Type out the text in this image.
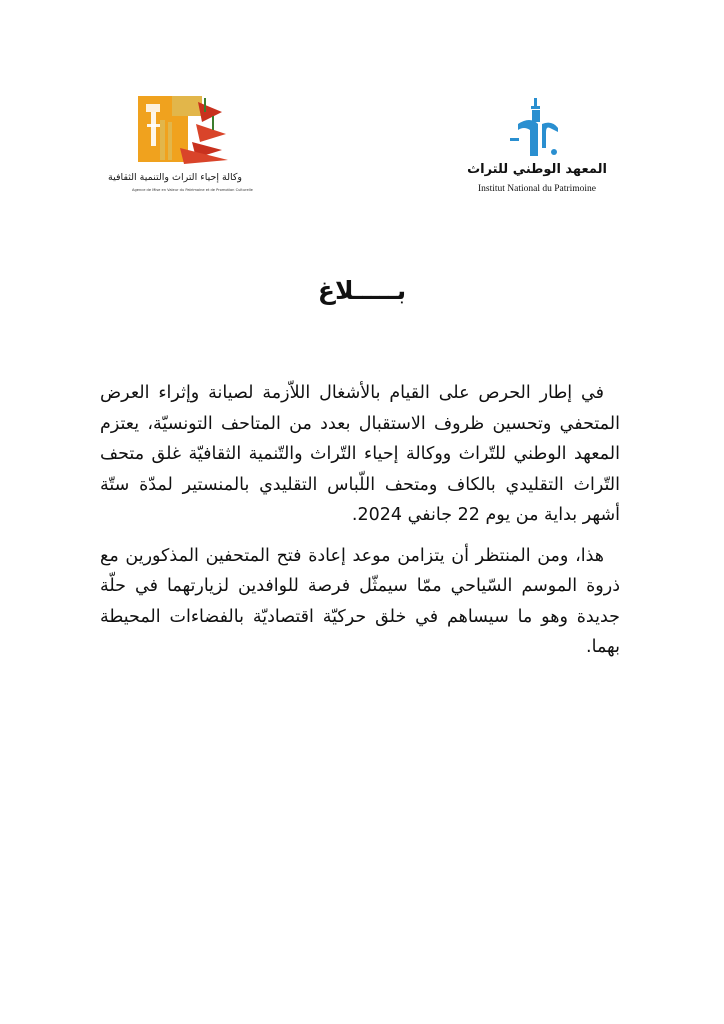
وكالة إحياء التراث والتنمية الثقافية
Agence de Mise en Valeur du Patrimoine et de Promotion Culturelle
المعهد الوطني للتراث
Institut National du Patrimoine
بـــــلاغ

في إطار الحرص على القيام بالأشغال اللاّزمة لصيانة وإثراء العرض المتحفي وتحسين ظروف الاستقبال بعدد من المتاحف التونسيّة، يعتزم المعهد الوطني للتّراث ووكالة إحياء التّراث والتّنمية الثقافيّة غلق متحف التّراث التقليدي بالكاف ومتحف اللّباس التقليدي بالمنستير لمدّة ستّة أشهر بداية من يوم 22 جانفي 2024.

هذا، ومن المنتظر أن يتزامن موعد إعادة فتح المتحفين المذكورين مع ذروة الموسم السّياحي ممّا سيمثّل فرصة للوافدين لزيارتهما في حلّة جديدة وهو ما سيساهم في خلق حركيّة اقتصاديّة بالفضاءات المحيطة بهما.
